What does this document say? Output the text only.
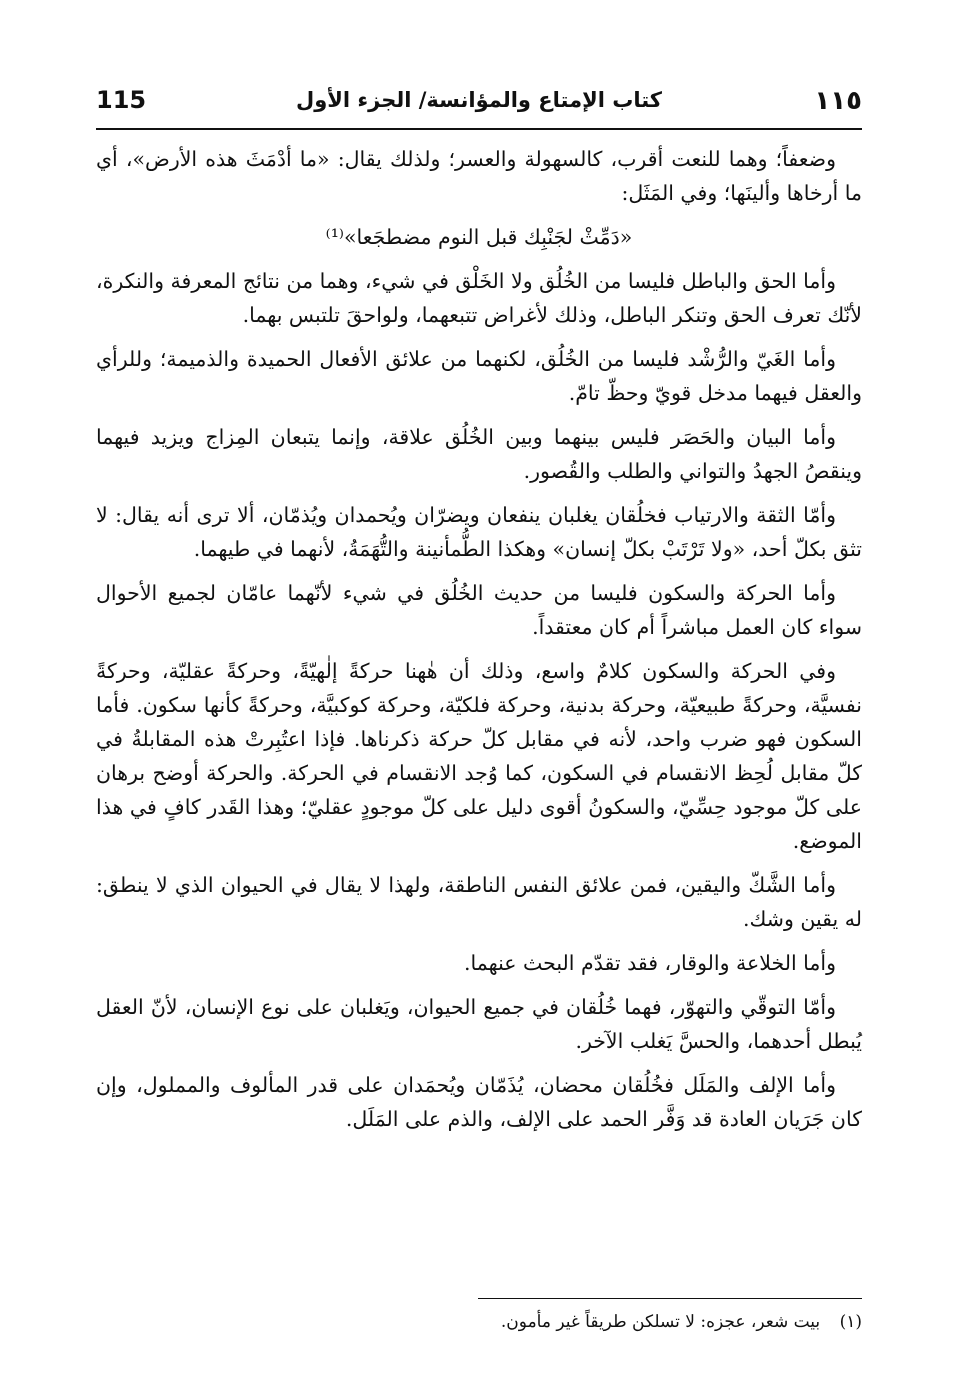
١١٥
كتاب الإمتاع والمؤانسة/ الجزء الأول
115

وضعفاً؛ وهما للنعت أقرب، كالسهولة والعسر؛ ولذلك يقال: «ما أدْمَثَ هذه الأرض»، أي ما أرخاها وألينَها؛ وفي المَثَل:

«دَمِّثْ لجَنْبِك قبل النوم مضطجَعا»⁽¹⁾

وأما الحق والباطل فليسا من الخُلُق ولا الخَلْق في شيء، وهما من نتائج المعرفة والنكرة، لأنّك تعرف الحق وتنكر الباطل، وذلك لأغراض تتبعهما، ولواحقَ تلتبس بهما.

وأما الغَيّ والرُّشْد فليسا من الخُلُق، لكنهما من علائق الأفعال الحميدة والذميمة؛ وللرأي والعقل فيهما مدخل قويّ وحظّ تامّ.

وأما البيان والحَصَر فليس بينهما وبين الخُلُق علاقة، وإنما يتبعان المِزاج ويزيد فيهما وينقصُ الجهدُ والتواني والطلب والقُصور.

وأمّا الثقة والارتياب فخلُقان يغلبان ينفعان ويضرّان ويُحمدان ويُذمّان، ألا ترى أنه يقال: لا تثق بكلّ أحد، «ولا تَرْتَبْ بكلّ إنسان» وهكذا الطُّمأنينة والتُّهَمَةُ، لأنهما في طيهما.

وأما الحركة والسكون فليسا من حديث الخُلُق في شيء لأنّهما عامّان لجميع الأحوال سواء كان العمل مباشراً أم كان معتقداً.

وفي الحركة والسكون كلامٌ واسع، وذلك أن هٰهنا حركةً إلٰهيّةً، وحركةً عقليّة، وحركةً نفسيَّة، وحركةً طبيعيّة، وحركة بدنية، وحركة فلكيّة، وحركة كوكبيَّة، وحركةً كأنها سكون. فأما السكون فهو ضرب واحد، لأنه في مقابل كلّ حركة ذكرناها. فإذا اعتُبِرتْ هذه المقابلةُ في كلّ مقابل لُحِظ الانقسام في السكون، كما وُجد الانقسام في الحركة. والحركة أوضح برهان على كلّ موجود حِسِّيّ، والسكونُ أقوى دليل على كلّ موجودٍ عقليّ؛ وهذا القَدر كافٍ في هذا الموضع.

وأما الشَّكّ واليقين، فمن علائق النفس الناطقة، ولهذا لا يقال في الحيوان الذي لا ينطق: له يقين وشك.

وأما الخلاعة والوقار، فقد تقدّم البحث عنهما.

وأمّا التوقّي والتهوّر، فهما خُلُقان في جميع الحيوان، ويَغلبان على نوع الإنسان، لأنّ العقل يُبطل أحدهما، والحسَّ يَغلب الآخر.

وأما الإلف والمَلَل فخُلُقان محضان، يُذَمّان ويُحمَدان على قدر المألوف والمملول، وإن كان جَرَيان العادة قد وَفَّر الحمد على الإلف، والذم على المَلَل.

(١) بيت شعر، عجزه: لا تسلكن طريقاً غير مأمون.
